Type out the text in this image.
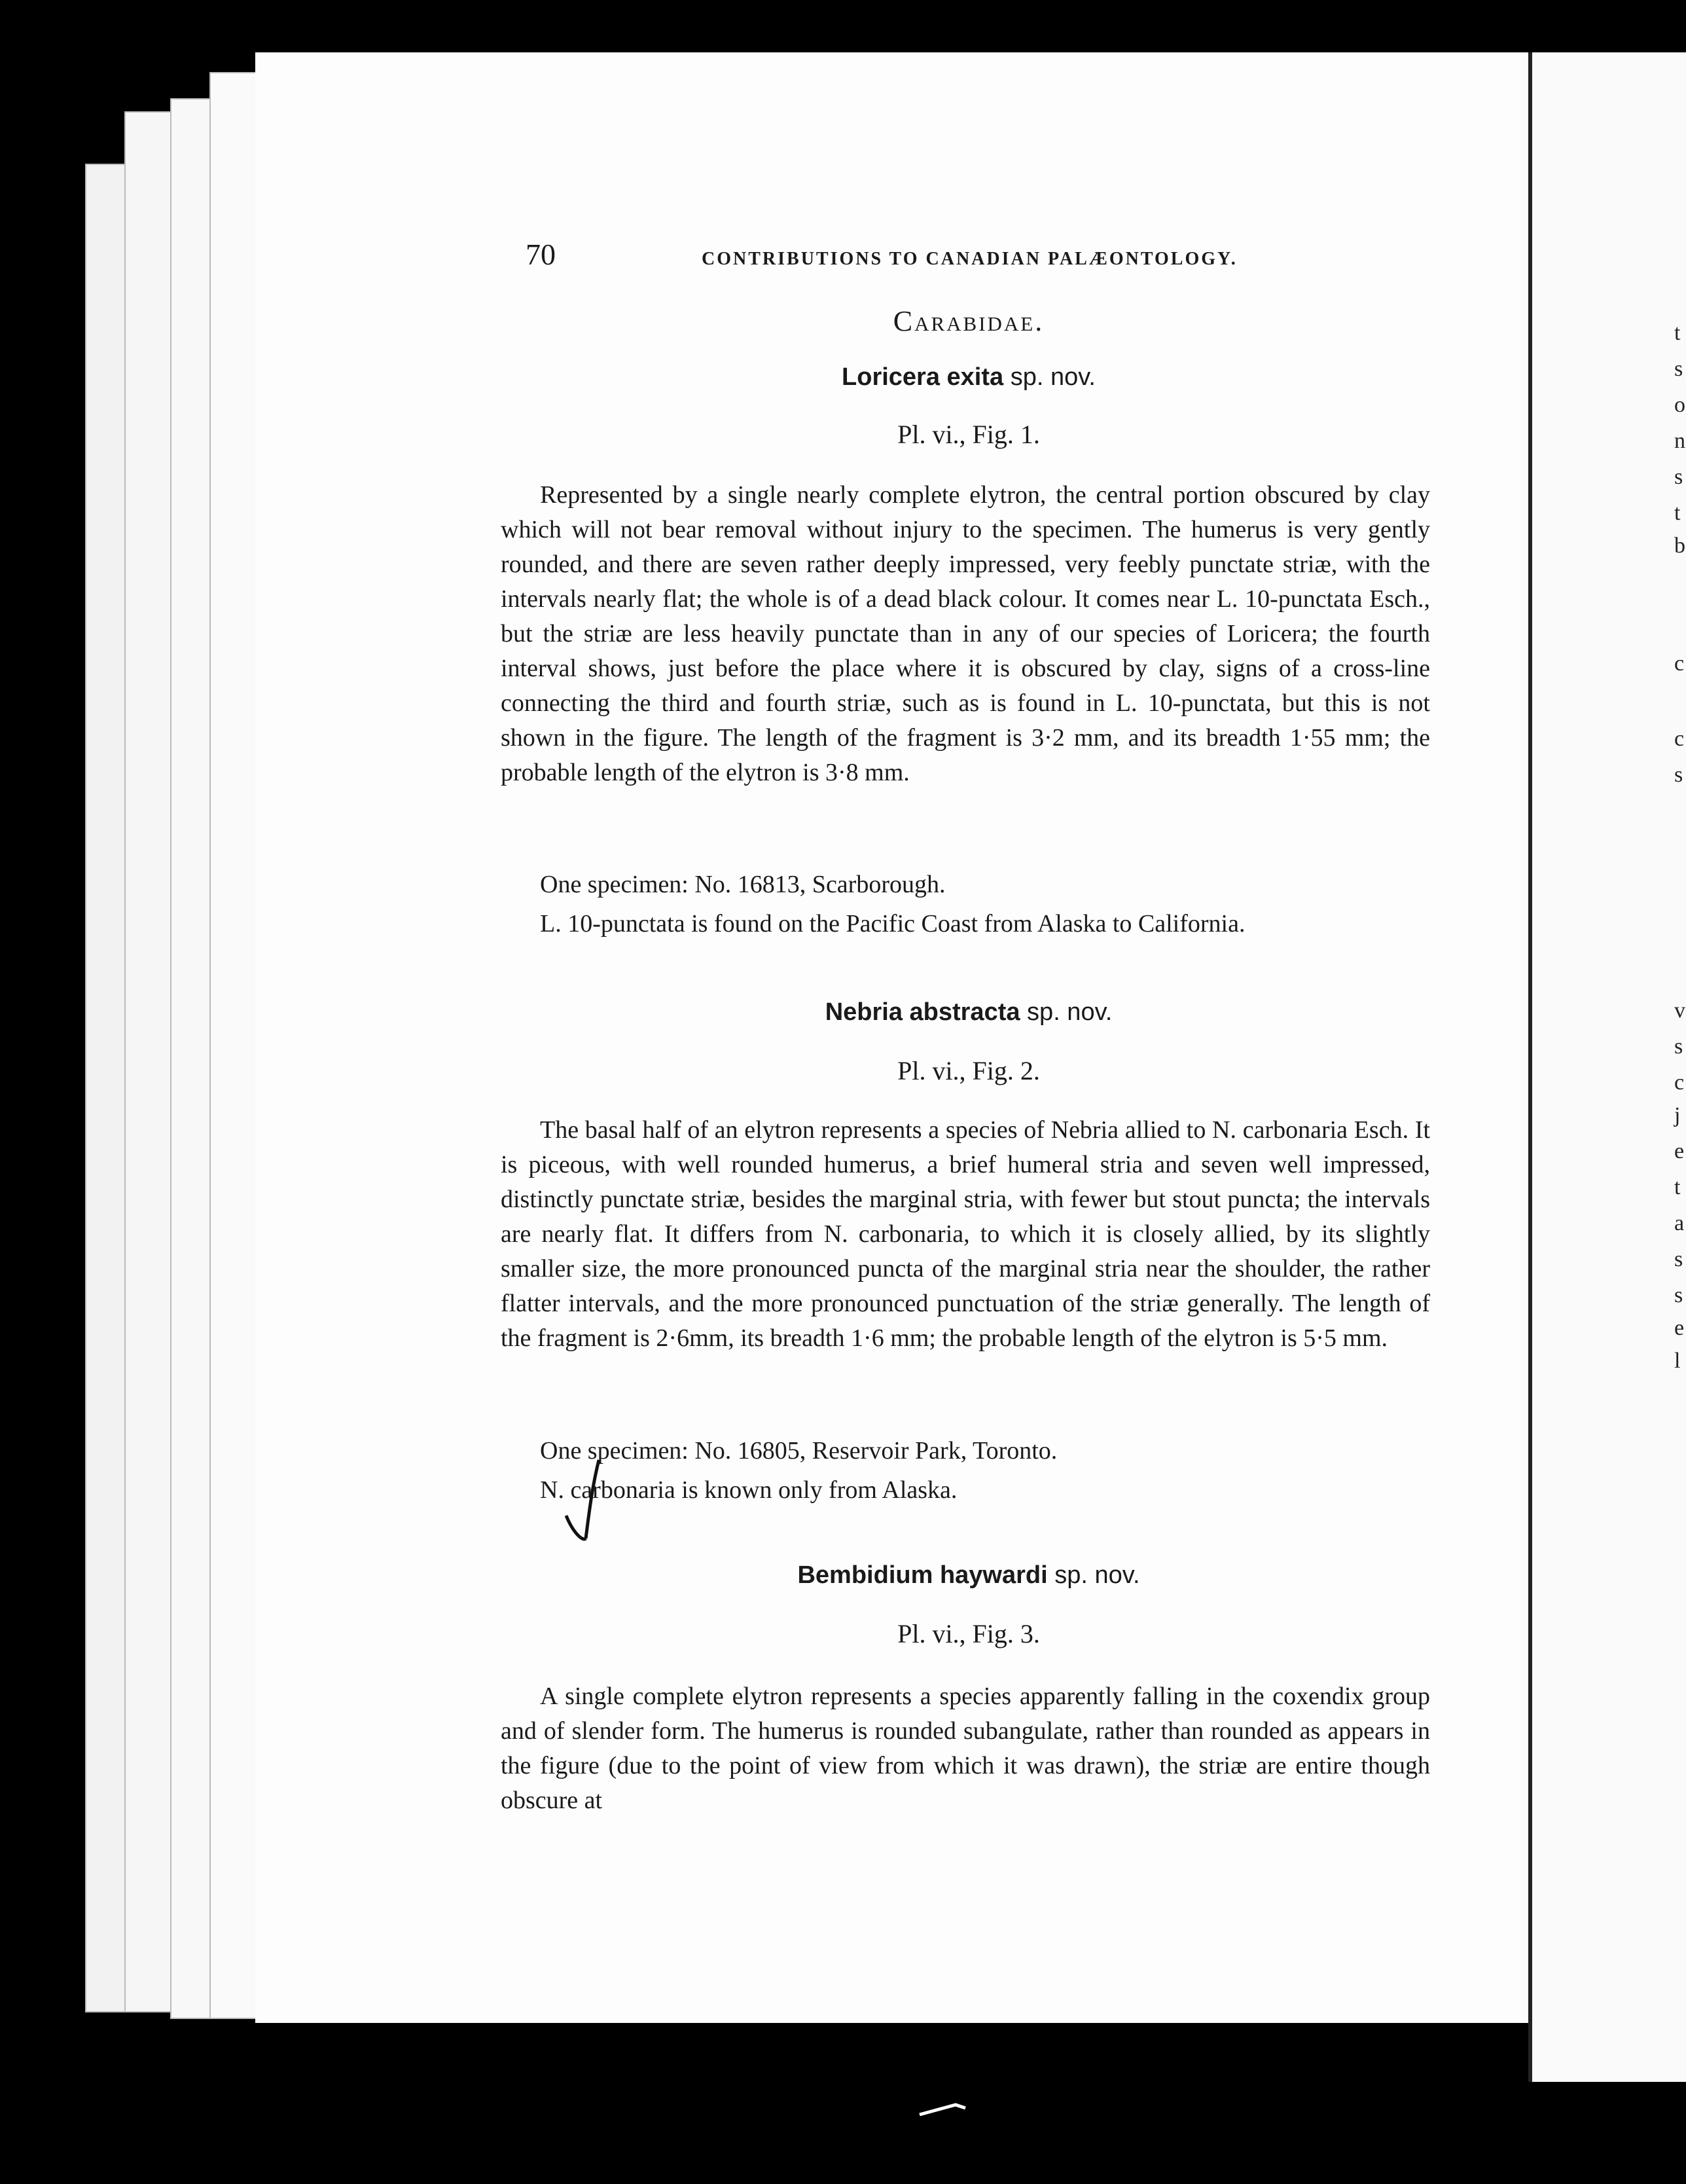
70	CONTRIBUTIONS TO CANADIAN PALÆONTOLOGY.
Carabidae.
Loricera exita sp. nov.
Pl. vi., Fig. 1.

Represented by a single nearly complete elytron, the central portion obscured by clay which will not bear removal without injury to the specimen. The humerus is very gently rounded, and there are seven rather deeply impressed, very feebly punctate striæ, with the intervals nearly flat; the whole is of a dead black colour. It comes near L. 10-punctata Esch., but the striæ are less heavily punctate than in any of our species of Loricera; the fourth interval shows, just before the place where it is obscured by clay, signs of a cross-line connecting the third and fourth striæ, such as is found in L. 10-punctata, but this is not shown in the figure. The length of the fragment is 3·2 mm, and its breadth 1·55 mm; the probable length of the elytron is 3·8 mm.

One specimen: No. 16813, Scarborough.

L. 10-punctata is found on the Pacific Coast from Alaska to California.

Nebria abstracta sp. nov.
Pl. vi., Fig. 2.

The basal half of an elytron represents a species of Nebria allied to N. carbonaria Esch. It is piceous, with well rounded humerus, a brief humeral stria and seven well impressed, distinctly punctate striæ, besides the marginal stria, with fewer but stout puncta; the intervals are nearly flat. It differs from N. carbonaria, to which it is closely allied, by its slightly smaller size, the more pronounced puncta of the marginal stria near the shoulder, the rather flatter intervals, and the more pronounced punctuation of the striæ generally. The length of the fragment is 2·6mm, its breadth 1·6 mm; the probable length of the elytron is 5·5 mm.

One specimen: No. 16805, Reservoir Park, Toronto.

N. carbonaria is known only from Alaska.

Bembidium haywardi sp. nov.
Pl. vi., Fig. 3.

A single complete elytron represents a species apparently falling in the coxendix group and of slender form. The humerus is rounded subangulate, rather than rounded as appears in the figure (due to the point of view from which it was drawn), the striæ are entire though obscure at

t
s
o
n
s
t
b
c
c
s
v
s
c
j
e
t
a
s
s
e
l
